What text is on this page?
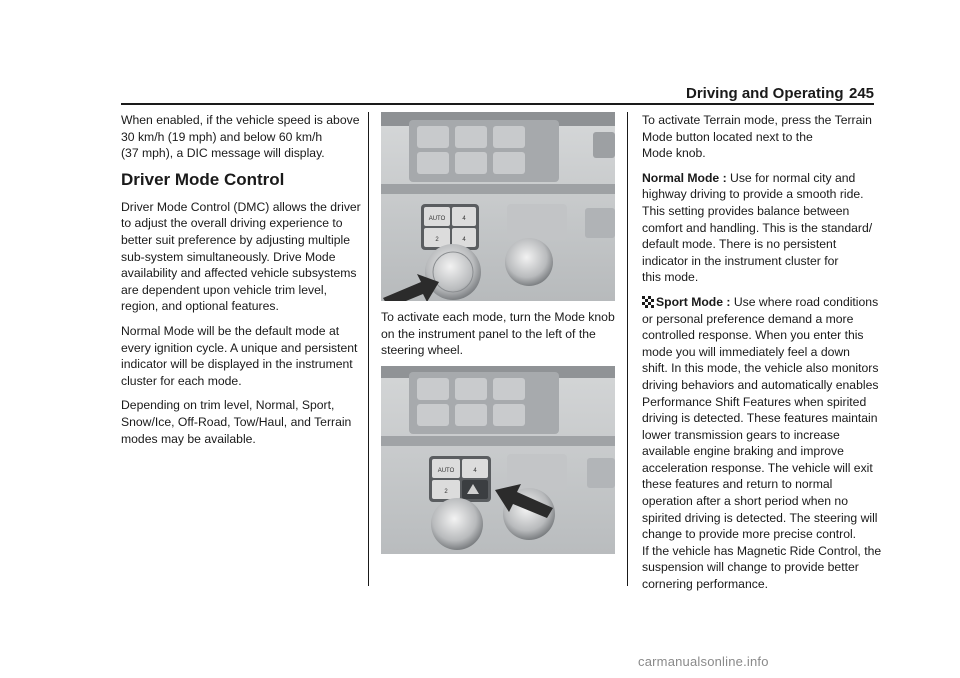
Driving and Operating 245

When enabled, if the vehicle speed is above
30 km/h (19 mph) and below 60 km/h
(37 mph), a DIC message will display.

Driver Mode Control

Driver Mode Control (DMC) allows the driver
to adjust the overall driving experience to
better suit preference by adjusting multiple
sub-system simultaneously. Drive Mode
availability and affected vehicle subsystems
are dependent upon vehicle trim level,
region, and optional features.

Normal Mode will be the default mode at
every ignition cycle. A unique and persistent
indicator will be displayed in the instrument
cluster for each mode.

Depending on trim level, Normal, Sport,
Snow/Ice, Off-Road, Tow/Haul, and Terrain
modes may be available.

AUTO	4
2	4

To activate each mode, turn the Mode knob
on the instrument panel to the left of the
steering wheel.

AUTO	4
2

To activate Terrain mode, press the Terrain
Mode button located next to the
Mode knob.

Normal Mode : Use for normal city and
highway driving to provide a smooth ride.
This setting provides balance between
comfort and handling. This is the standard/
default mode. There is no persistent
indicator in the instrument cluster for
this mode.

Sport Mode : Use where road conditions
or personal preference demand a more
controlled response. When you enter this
mode you will immediately feel a down
shift. In this mode, the vehicle also monitors
driving behaviors and automatically enables
Performance Shift Features when spirited
driving is detected. These features maintain
lower transmission gears to increase
available engine braking and improve
acceleration response. The vehicle will exit
these features and return to normal
operation after a short period when no
spirited driving is detected. The steering will
change to provide more precise control.
If the vehicle has Magnetic Ride Control, the
suspension will change to provide better
cornering performance.

carmanualsonline.info
